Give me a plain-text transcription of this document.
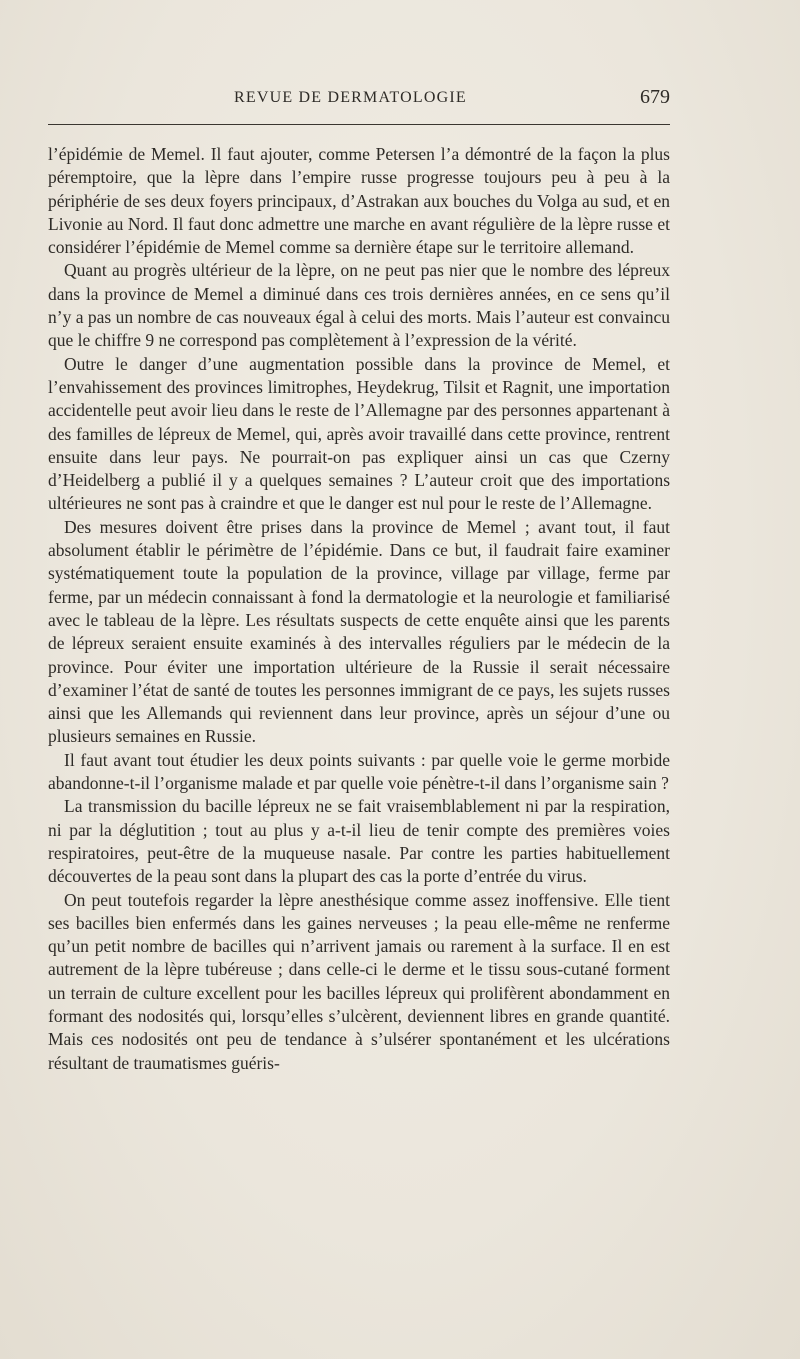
REVUE DE DERMATOLOGIE	679

l’épidémie de Memel. Il faut ajouter, comme Petersen l’a démontré de la façon la plus péremptoire, que la lèpre dans l’empire russe progresse toujours peu à peu à la périphérie de ses deux foyers principaux, d’Astrakan aux bouches du Volga au sud, et en Livonie au Nord. Il faut donc admettre une marche en avant régulière de la lèpre russe et considérer l’épidémie de Memel comme sa dernière étape sur le territoire allemand.

Quant au progrès ultérieur de la lèpre, on ne peut pas nier que le nombre des lépreux dans la province de Memel a diminué dans ces trois dernières années, en ce sens qu’il n’y a pas un nombre de cas nouveaux égal à celui des morts. Mais l’auteur est convaincu que le chiffre 9 ne correspond pas complètement à l’expression de la vérité.

Outre le danger d’une augmentation possible dans la province de Memel, et l’envahissement des provinces limitrophes, Heydekrug, Tilsit et Ragnit, une importation accidentelle peut avoir lieu dans le reste de l’Allemagne par des personnes appartenant à des familles de lépreux de Memel, qui, après avoir travaillé dans cette province, rentrent ensuite dans leur pays. Ne pourrait-on pas expliquer ainsi un cas que Czerny d’Heidelberg a publié il y a quelques semaines ? L’auteur croit que des importations ultérieures ne sont pas à craindre et que le danger est nul pour le reste de l’Allemagne.

Des mesures doivent être prises dans la province de Memel ; avant tout, il faut absolument établir le périmètre de l’épidémie. Dans ce but, il faudrait faire examiner systématiquement toute la population de la province, village par village, ferme par ferme, par un médecin connaissant à fond la dermatologie et la neurologie et familiarisé avec le tableau de la lèpre. Les résultats suspects de cette enquête ainsi que les parents de lépreux seraient ensuite examinés à des intervalles réguliers par le médecin de la province. Pour éviter une importation ultérieure de la Russie il serait nécessaire d’examiner l’état de santé de toutes les personnes immigrant de ce pays, les sujets russes ainsi que les Allemands qui reviennent dans leur province, après un séjour d’une ou plusieurs semaines en Russie.

Il faut avant tout étudier les deux points suivants : par quelle voie le germe morbide abandonne-t-il l’organisme malade et par quelle voie pénètre-t-il dans l’organisme sain ?

La transmission du bacille lépreux ne se fait vraisemblablement ni par la respiration, ni par la déglutition ; tout au plus y a-t-il lieu de tenir compte des premières voies respiratoires, peut-être de la muqueuse nasale. Par contre les parties habituellement découvertes de la peau sont dans la plupart des cas la porte d’entrée du virus.

On peut toutefois regarder la lèpre anesthésique comme assez inoffensive. Elle tient ses bacilles bien enfermés dans les gaines nerveuses ; la peau elle-même ne renferme qu’un petit nombre de bacilles qui n’arrivent jamais ou rarement à la surface. Il en est autrement de la lèpre tubéreuse ; dans celle-ci le derme et le tissu sous-cutané forment un terrain de culture excellent pour les bacilles lépreux qui prolifèrent abondamment en formant des nodosités qui, lorsqu’elles s’ulcèrent, deviennent libres en grande quantité. Mais ces nodosités ont peu de tendance à s’ulsérer spontanément et les ulcérations résultant de traumatismes guéris-
